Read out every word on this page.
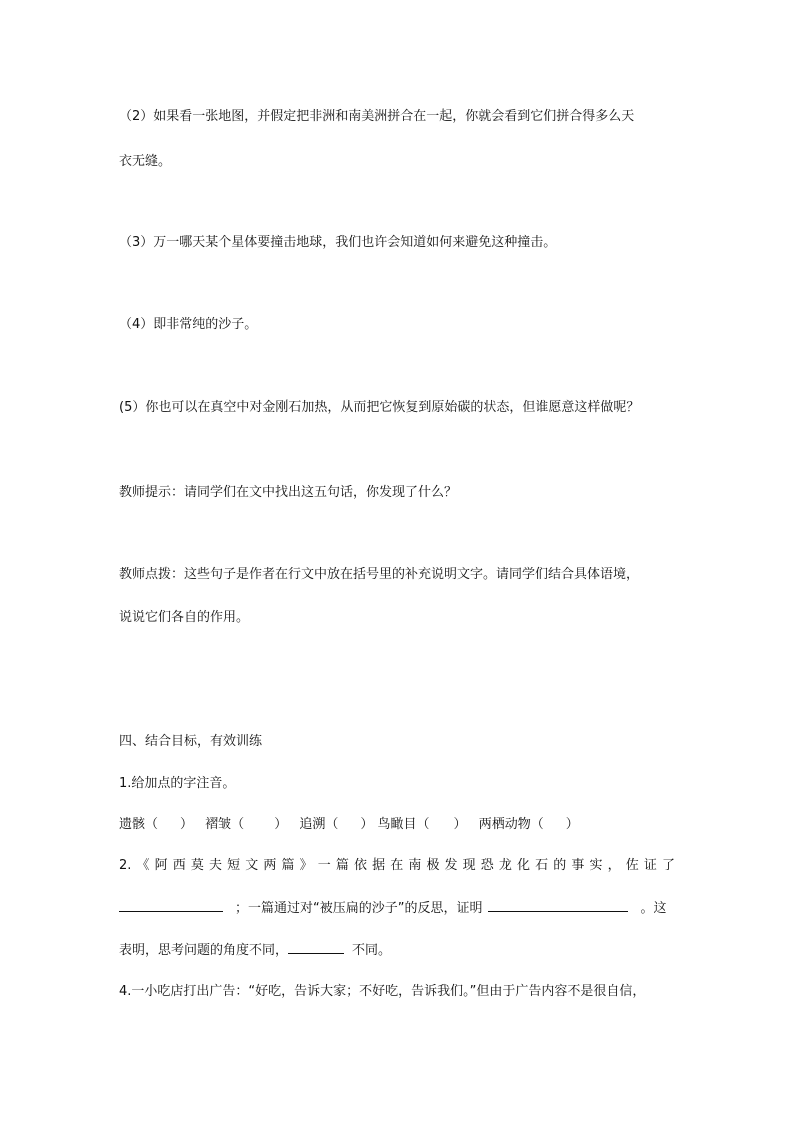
（2）如果看一张地图，并假定把非洲和南美洲拼合在一起，你就会看到它们拼合得多么天
衣无缝。
（3）万一哪天某个星体要撞击地球，我们也许会知道如何来避免这种撞击。
（4）即非常纯的沙子。
(5）你也可以在真空中对金刚石加热，从而把它恢复到原始碳的状态，但谁愿意这样做呢？
教师提示：请同学们在文中找出这五句话，你发现了什么？
教师点拨：这些句子是作者在行文中放在括号里的补充说明文字。请同学们结合具体语境，
说说它们各自的作用。
四、结合目标，有效训练
1.给加点的字注音。
遗骸（ ） 褶皱（ ） 追溯（ ） 鸟瞰目（ ） 两栖动物（ ）
2.《阿西莫夫短文两篇》一篇依据在南极发现恐龙化石的事实，佐证了
；一篇通过对“被压扁的沙子”的反思，证明	。这
表明，思考问题的角度不同，	不同。
4.一小吃店打出广告：“好吃，告诉大家；不好吃，告诉我们。”但由于广告内容不是很自信，
